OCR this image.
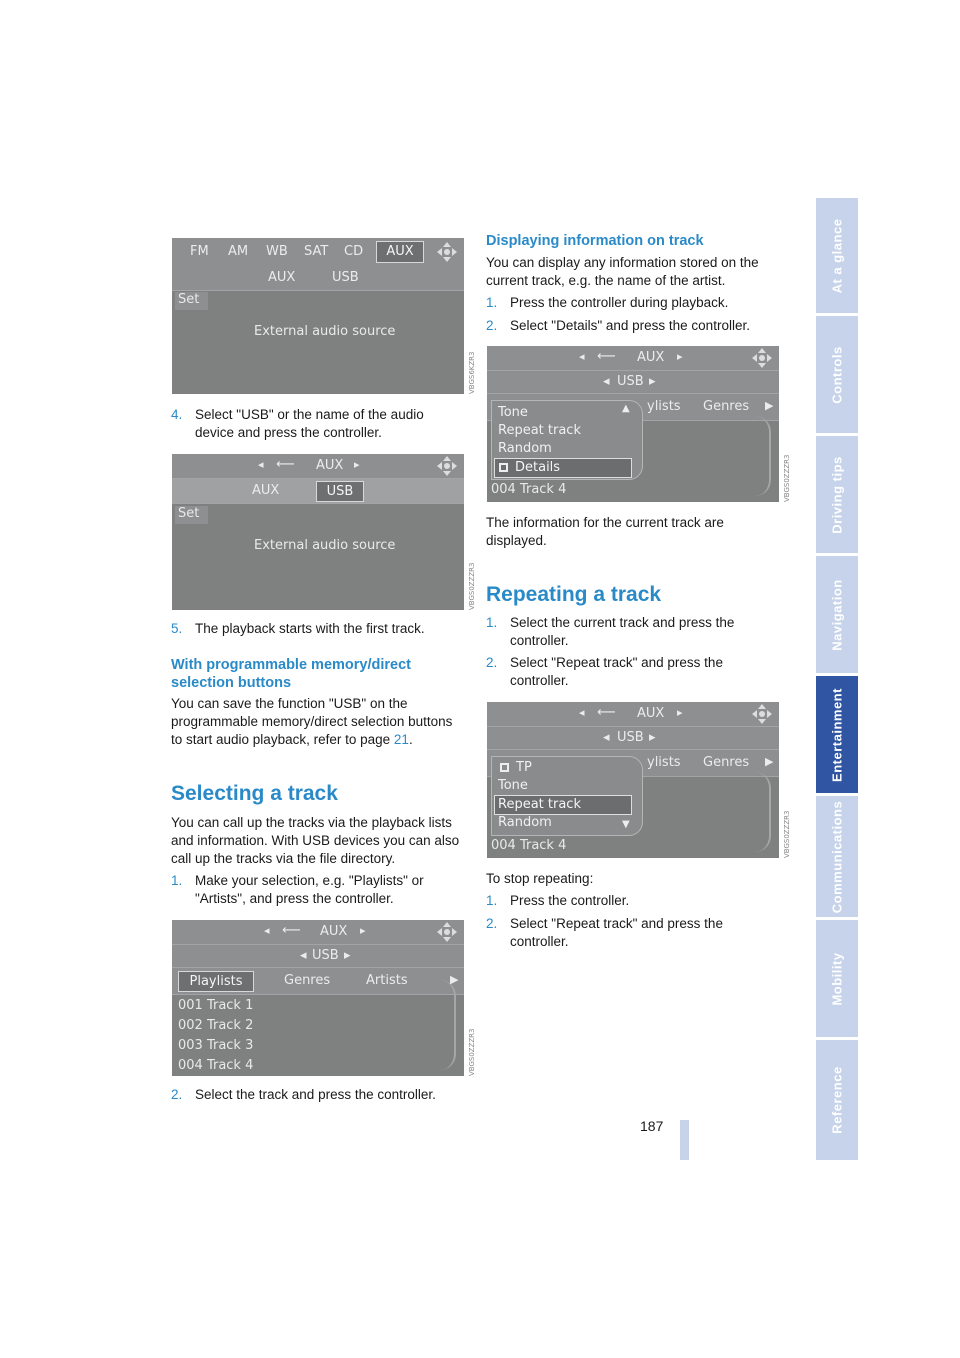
At a glance
Controls
Driving tips
Navigation
Entertainment
Communications
Mobility
Reference
187
FM AM WB SAT CD	AUX
AUX	USB
Set
External audio source
VBGS6KZR3
4. Select "USB" or the name of the audio device and press the controller.
◂ ⟵ AUX ▸
AUX	USB
Set
External audio source
VBGS0ZZZR3
5. The playback starts with the first track.
With programmable memory/direct selection buttons

You can save the function "USB" on the programmable memory/direct selection buttons to start audio playback, refer to page 21.

Selecting a track

You can call up the tracks via the playback lists and information. With USB devices you can also call up the tracks via the file directory.

1. Make your selection, e.g. "Playlists" or "Artists", and press the controller.
◂ ⟵ AUX ▸
◂ USB ▸
Playlists	Genres	Artists	▶
001 Track 1
002 Track 2
003 Track 3
004 Track 4	VBGS0ZZZR3
2. Select the track and press the controller.
Displaying information on track

You can display any information stored on the current track, e.g. the name of the artist.

1. Press the controller during playback.
2. Select "Details" and press the controller.
◂ ⟵ AUX ▸
◂ USB ▸
ylists Genres ▶
Tone	▲
Repeat track
Random
Details
004 Track 4	VBGS0ZZZR3

The information for the current track are displayed.

Repeating a track
1. Select the current track and press the controller.
2. Select "Repeat track" and press the controller.
◂ ⟵ AUX ▸
◂ USB ▸
ylists Genres ▶
TP
Tone
Repeat track
Random	▼
004 Track 4	VBGS0ZZZR3

To stop repeating:

1. Press the controller.
2. Select "Repeat track" and press the controller.
